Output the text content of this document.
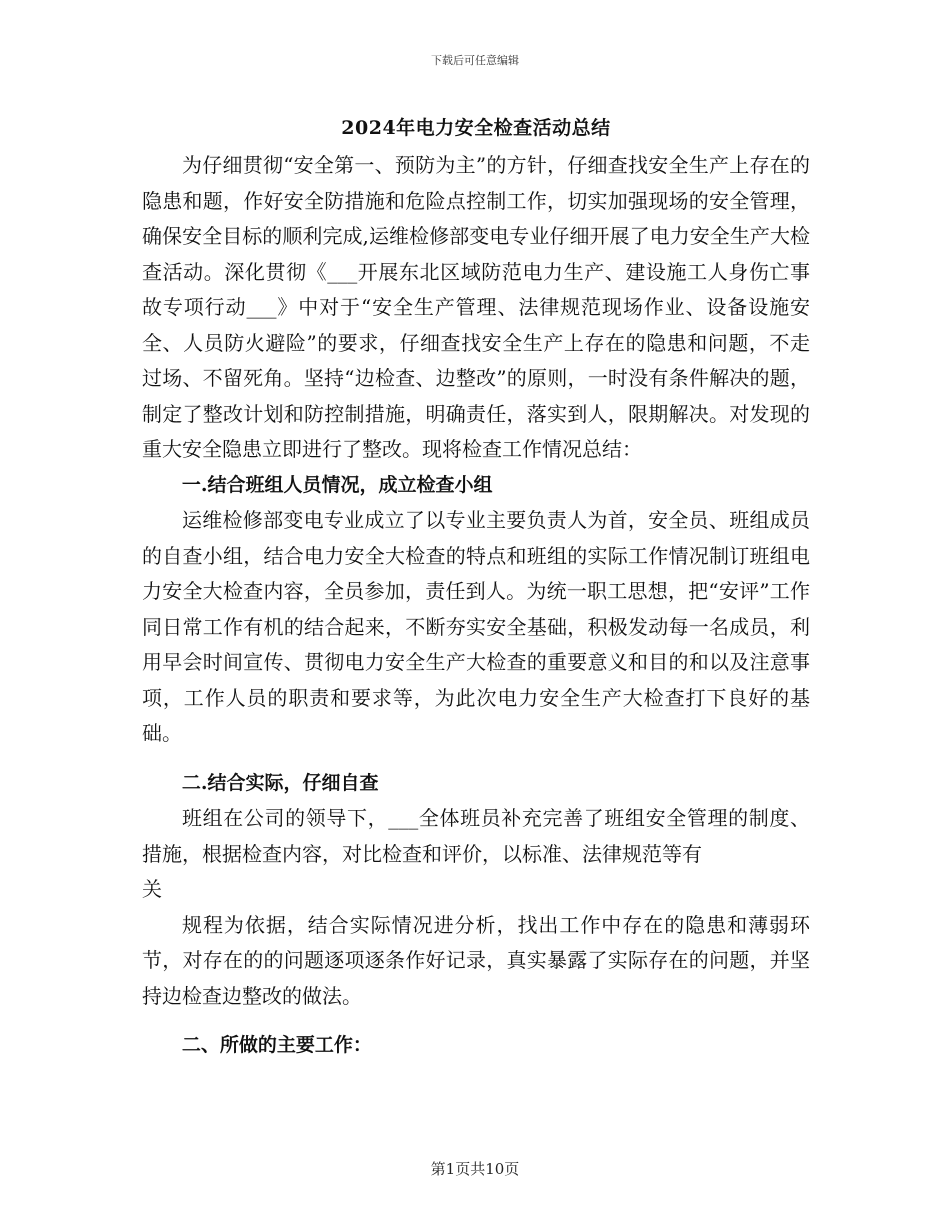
下载后可任意编辑
2024年电力安全检查活动总结

为仔细贯彻“安全第一、预防为主”的方针，仔细查找安全生产上存在的隐患和题，作好安全防措施和危险点控制工作，切实加强现场的安全管理，确保安全目标的顺利完成,运维检修部变电专业仔细开展了电力安全生产大检查活动。深化贯彻《___开展东北区域防范电力生产、建设施工人身伤亡事故专项行动___》中对于“安全生产管理、法律规范现场作业、设备设施安全、人员防火避险”的要求，仔细查找安全生产上存在的隐患和问题，不走过场、不留死角。坚持“边检查、边整改”的原则，一时没有条件解决的题，制定了整改计划和防控制措施，明确责任，落实到人，限期解决。对发现的重大安全隐患立即进行了整改。现将检查工作情况总结：

一.结合班组人员情况，成立检查小组

运维检修部变电专业成立了以专业主要负责人为首，安全员、班组成员的自查小组，结合电力安全大检查的特点和班组的实际工作情况制订班组电力安全大检查内容，全员参加，责任到人。为统一职工思想，把“安评”工作同日常工作有机的结合起来，不断夯实安全基础，积极发动每一名成员，利用早会时间宣传、贯彻电力安全生产大检查的重要意义和目的和以及注意事项，工作人员的职责和要求等，为此次电力安全生产大检查打下良好的基础。

二.结合实际，仔细自查

班组在公司的领导下，___全体班员补充完善了班组安全管理的制度、措施，根据检查内容，对比检查和评价，以标准、法律规范等有

关

规程为依据，结合实际情况进分析，找出工作中存在的隐患和薄弱环节，对存在的的问题逐项逐条作好记录，真实暴露了实际存在的问题，并坚持边检查边整改的做法。

二、所做的主要工作：
第1页共10页
